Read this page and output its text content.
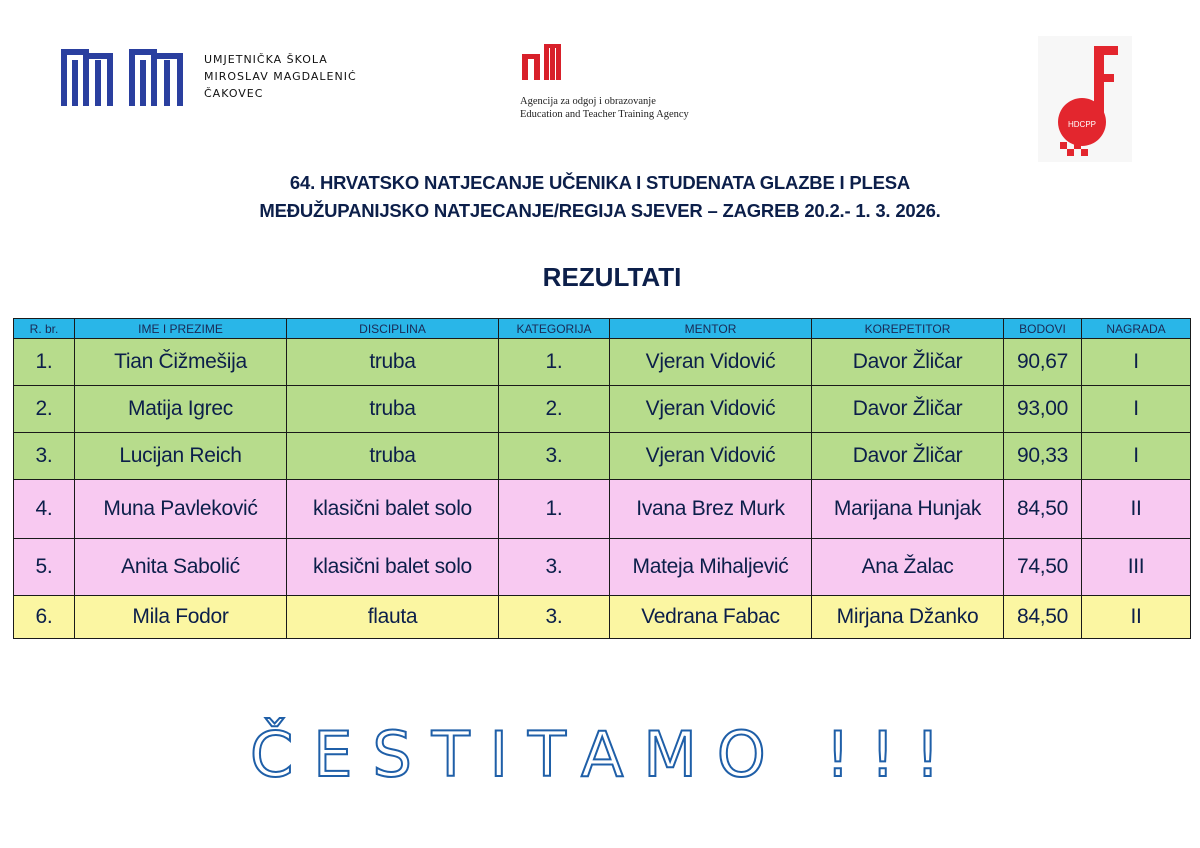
UMJETNIČKA ŠKOLA
MIROSLAV MAGDALENIĆ
ČAKOVEC
Agencija za odgoj i obrazovanje
Education and Teacher Training Agency
HDCPP
64. HRVATSKO NATJECANJE UČENIKA I STUDENATA GLAZBE I PLESA
MEĐUŽUPANIJSKO NATJECANJE/REGIJA SJEVER – ZAGREB 20.2.- 1. 3. 2026.
REZULTATI
R. br.	IME I PREZIME	DISCIPLINA	KATEGORIJA	MENTOR	KOREPETITOR	BODOVI	NAGRADA
1.	Tian Čižmešija	truba	1.	Vjeran Vidović	Davor Žličar	90,67	I
2.	Matija Igrec	truba	2.	Vjeran Vidović	Davor Žličar	93,00	I
3.	Lucijan Reich	truba	3.	Vjeran Vidović	Davor Žličar	90,33	I
4.	Muna Pavleković	klasični balet solo	1.	Ivana Brez Murk	Marijana Hunjak	84,50	II
5.	Anita Sabolić	klasični balet solo	3.	Mateja Mihaljević	Ana Žalac	74,50	III
6.	Mila Fodor	flauta	3.	Vedrana Fabac	Mirjana Džanko	84,50	II
ČESTITAMO !!!
